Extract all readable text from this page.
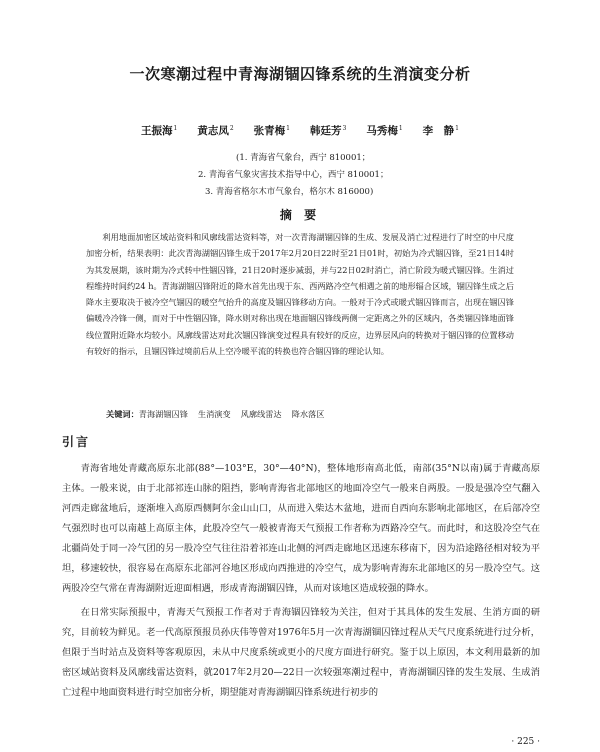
一次寒潮过程中青海湖锢囚锋系统的生消演变分析
王振海$^1$ 黄志凤$^2$ 张青梅$^1$ 韩廷芳$^3$ 马秀梅$^1$ 李　静$^1$
(1. 青海省气象台，西宁 810001；
2. 青海省气象灾害技术指导中心，西宁 810001；
3. 青海省格尔木市气象台，格尔木 816000)
摘 要

利用地面加密区域站资料和风廓线雷达资料等，对一次青海湖锢囚锋的生成、发展及消亡过程进行了时空的中尺度加密分析，结果表明：此次青海湖锢囚锋生成于2017年2月20日22时至21日01时，初始为冷式锢囚锋，至21日14时为其发展期，该时期为冷式转中性锢囚锋，21日20时逐步减弱，并与22日02时消亡，消亡阶段为暖式锢囚锋。生消过程维持时间约24 h。青海湖锢囚锋附近的降水首先出现于东、西两路冷空气相遇之前的地形辐合区域，锢囚锋生成之后降水主要取决于被冷空气锢囚的暖空气抬升的高度及锢囚锋移动方向。一般对于冷式或暖式锢囚锋而言，出现在锢囚锋偏暖冷冷锋一侧，而对于中性锢囚锋，降水则对称出现在地面锢囚锋线两侧一定距离之外的区域内，各类锢囚锋地面锋线位置附近降水均较小。风廓线雷达对此次锢囚锋演变过程具有较好的反应，边界层风向的转换对于锢囚锋的位置移动有较好的指示，且锢囚锋过境前后从上空冷暖平流的转换也符合锢囚锋的理论认知。

关键词：青海湖锢囚锋 生消演变 风廓线雷达 降水落区
引言

青海省地处青藏高原东北部(88°—103°E，30°—40°N)，整体地形南高北低，南部(35°N以南)属于青藏高原主体。一般来说，由于北部祁连山脉的阻挡，影响青海省北部地区的地面冷空气一般来自两股。一股是强冷空气翻入河西走廊盆地后，逐渐堆入高原西侧阿尔金山山口，从而进入柴达木盆地，进而自西向东影响北部地区，在后部冷空气强烈时也可以南越上高原主体，此股冷空气一般被青海天气预报工作者称为西路冷空气。而此时，和这股冷空气在北疆尚处于同一冷气团的另一股冷空气往往沿着祁连山北侧的河西走廊地区迅速东移南下，因为沿途路径相对较为平坦，移速较快，很容易在高原东北部河谷地区形成向西推进的冷空气，成为影响青海东北部地区的另一股冷空气。这两股冷空气常在青海湖附近迎面相遇，形成青海湖锢囚锋，从而对该地区造成较强的降水。

在日常实际预报中，青海天气预报工作者对于青海锢囚锋较为关注，但对于其具体的发生发展、生消方面的研究，目前较为鲜见。老一代高原预报员孙庆伟等曾对1976年5月一次青海湖锢囚锋过程从天气尺度系统进行过分析，但限于当时站点及资料等客观原因，未从中尺度系统或更小的尺度方面进行研究。鉴于以上原因，本文利用最新的加密区域站资料及风廓线雷达资料，就2017年2月20—22日一次较强寒潮过程中，青海湖锢囚锋的发生发展、生成消亡过程中地面资料进行时空加密分析，期望能对青海湖锢囚锋系统进行初步的

· 225 ·
